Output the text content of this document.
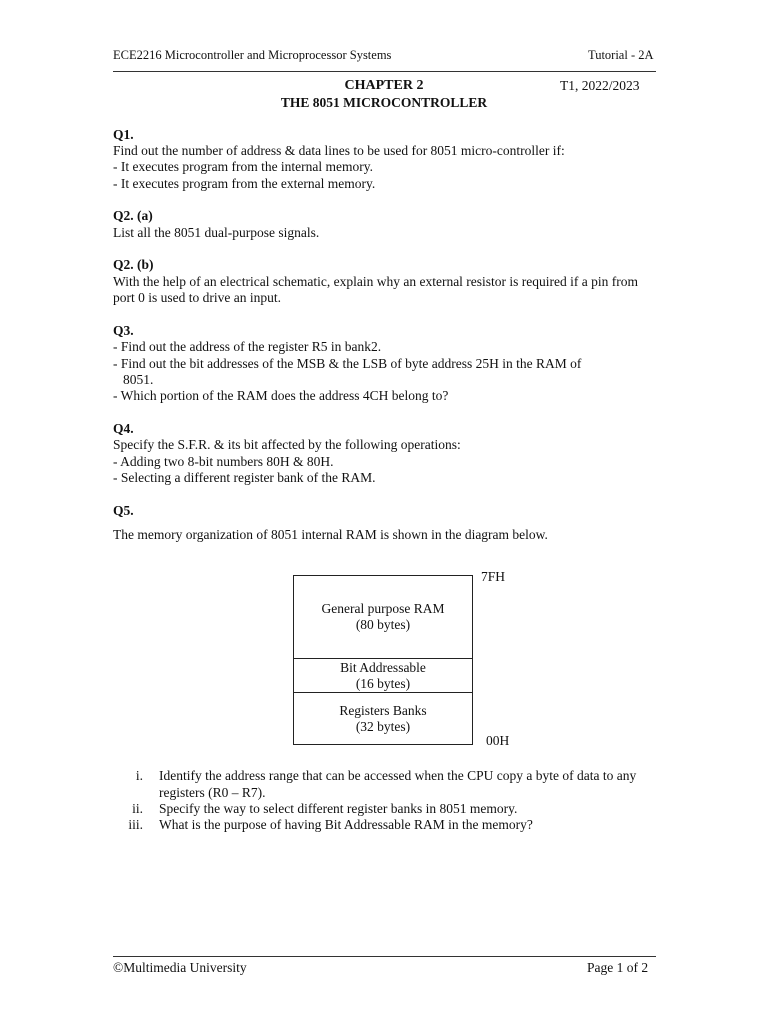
ECE2216 Microcontroller and Microprocessor Systems	Tutorial - 2A
CHAPTER 2	T1, 2022/2023
THE 8051 MICROCONTROLLER
Q1.
Find out the number of address & data lines to be used for 8051 micro-controller if:
- It executes program from the internal memory.
- It executes program from the external memory.
Q2. (a)
List all the 8051 dual-purpose signals.
Q2. (b)
With the help of an electrical schematic, explain why an external resistor is required if a pin from
port 0 is used to drive an input.
Q3.
- Find out the address of the register R5 in bank2.
- Find out the bit addresses of the MSB & the LSB of byte address 25H in the RAM of
8051.
- Which portion of the RAM does the address 4CH belong to?
Q4.
Specify the S.F.R. & its bit affected by the following operations:
- Adding two 8-bit numbers 80H & 80H.
- Selecting a different register bank of the RAM.
Q5.
The memory organization of 8051 internal RAM is shown in the diagram below.
General purpose RAM
(80 bytes)
Bit Addressable
(16 bytes)
Registers Banks
(32 bytes)
7FH
00H
i. Identify the address range that can be accessed when the CPU copy a byte of data to any
registers (R0 – R7).
ii. Specify the way to select different register banks in 8051 memory.
iii. What is the purpose of having Bit Addressable RAM in the memory?
©Multimedia University	Page 1 of 2
